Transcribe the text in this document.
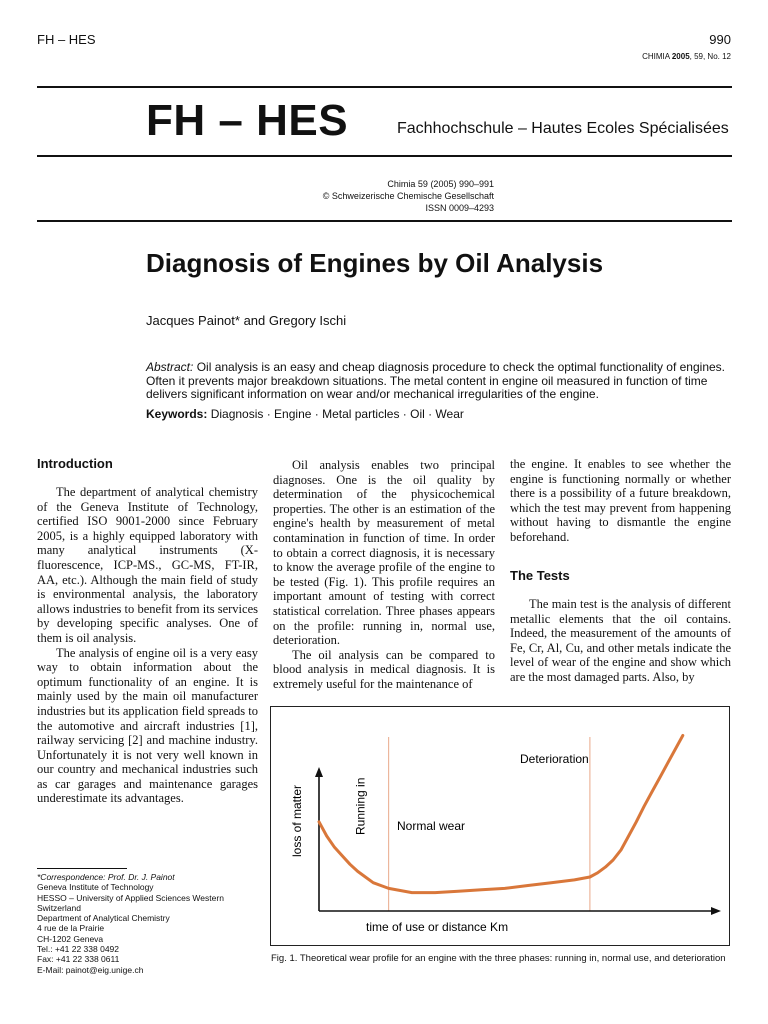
FH – HES	990
CHIMIA 2005, 59, No. 12
FH – HES	Fachhochschule – Hautes Ecoles Spécialisées
Chimia 59 (2005) 990–991
© Schweizerische Chemische Gesellschaft
ISSN 0009–4293
Diagnosis of Engines by Oil Analysis
Jacques Painot* and Gregory Ischi
Abstract: Oil analysis is an easy and cheap diagnosis procedure to check the optimal functionality of engines. Often it prevents major breakdown situations. The metal content in engine oil measured in function of time delivers significant information on wear and/or mechanical irregularities of the engine.
Keywords: Diagnosis · Engine · Metal particles · Oil · Wear
Introduction

The department of analytical chemistry of the Geneva Institute of Technology, certified ISO 9001-2000 since February 2005, is a highly equipped laboratory with many analytical instruments (X-fluorescence, ICP-MS., GC-MS, FT-IR, AA, etc.). Although the main field of study is environmental analysis, the laboratory allows industries to benefit from its services by developing specific analyses. One of them is oil analysis.

The analysis of engine oil is a very easy way to obtain information about the optimum functionality of an engine. It is mainly used by the main oil manufacturer industries but its application field spreads to the automotive and aircraft industries [1], railway servicing [2] and machine industry. Unfortunately it is not very well known in our country and mechanical industries such as car garages and maintenance garages underestimate its advantages.

Oil analysis enables two principal diagnoses. One is the oil quality by determination of the physicochemical properties. The other is an estimation of the engine's health by measurement of metal contamination in function of time. In order to obtain a correct diagnosis, it is necessary to know the average profile of the engine to be tested (Fig. 1). This profile requires an important amount of testing with correct statistical correlation. Three phases appears on the profile: running in, normal use, deterioration.

The oil analysis can be compared to blood analysis in medical diagnosis. It is extremely useful for the maintenance of

the engine. It enables to see whether the engine is functioning normally or whether there is a possibility of a future breakdown, which the test may prevent from happening without having to dismantle the engine beforehand.

The Tests

The main test is the analysis of different metallic elements that the oil contains. Indeed, the measurement of the amounts of Fe, Cr, Al, Cu, and other metals indicate the level of wear of the engine and show which are the most damaged parts. Also, by

*Correspondence: Prof. Dr. J. Painot
Geneva Institute of Technology
HESSO – University of Applied Sciences Western
Switzerland
Department of Analytical Chemistry
4 rue de la Prairie
CH-1202 Geneva
Tel.: +41 22 338 0492
Fax: +41 22 338 0611
E-Mail: painot@eig.unige.ch
loss of matter
time of use or distance Km
Running in Normal wear
Deterioration
Fig. 1. Theoretical wear profile for an engine with the three phases: running in, normal use, and deterioration
